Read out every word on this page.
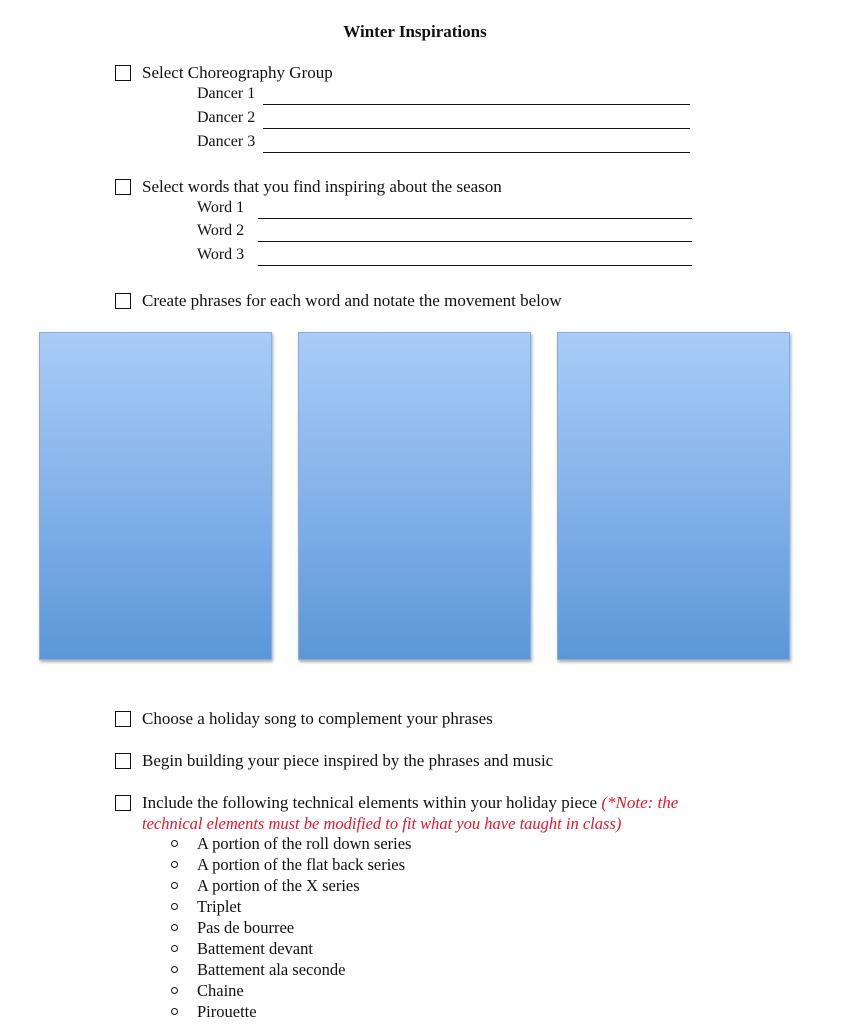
Winter Inspirations
Select Choreography Group
Dancer 1
Dancer 2
Dancer 3
Select words that you find inspiring about the season
Word 1
Word 2
Word 3
Create phrases for each word and notate the movement below
Choose a holiday song to complement your phrases
Begin building your piece inspired by the phrases and music
Include the following technical elements within your holiday piece (*Note: the
technical elements must be modified to fit what you have taught in class)
A portion of the roll down series
A portion of the flat back series
A portion of the X series
Triplet
Pas de bourree
Battement devant
Battement ala seconde
Chaine
Pirouette
